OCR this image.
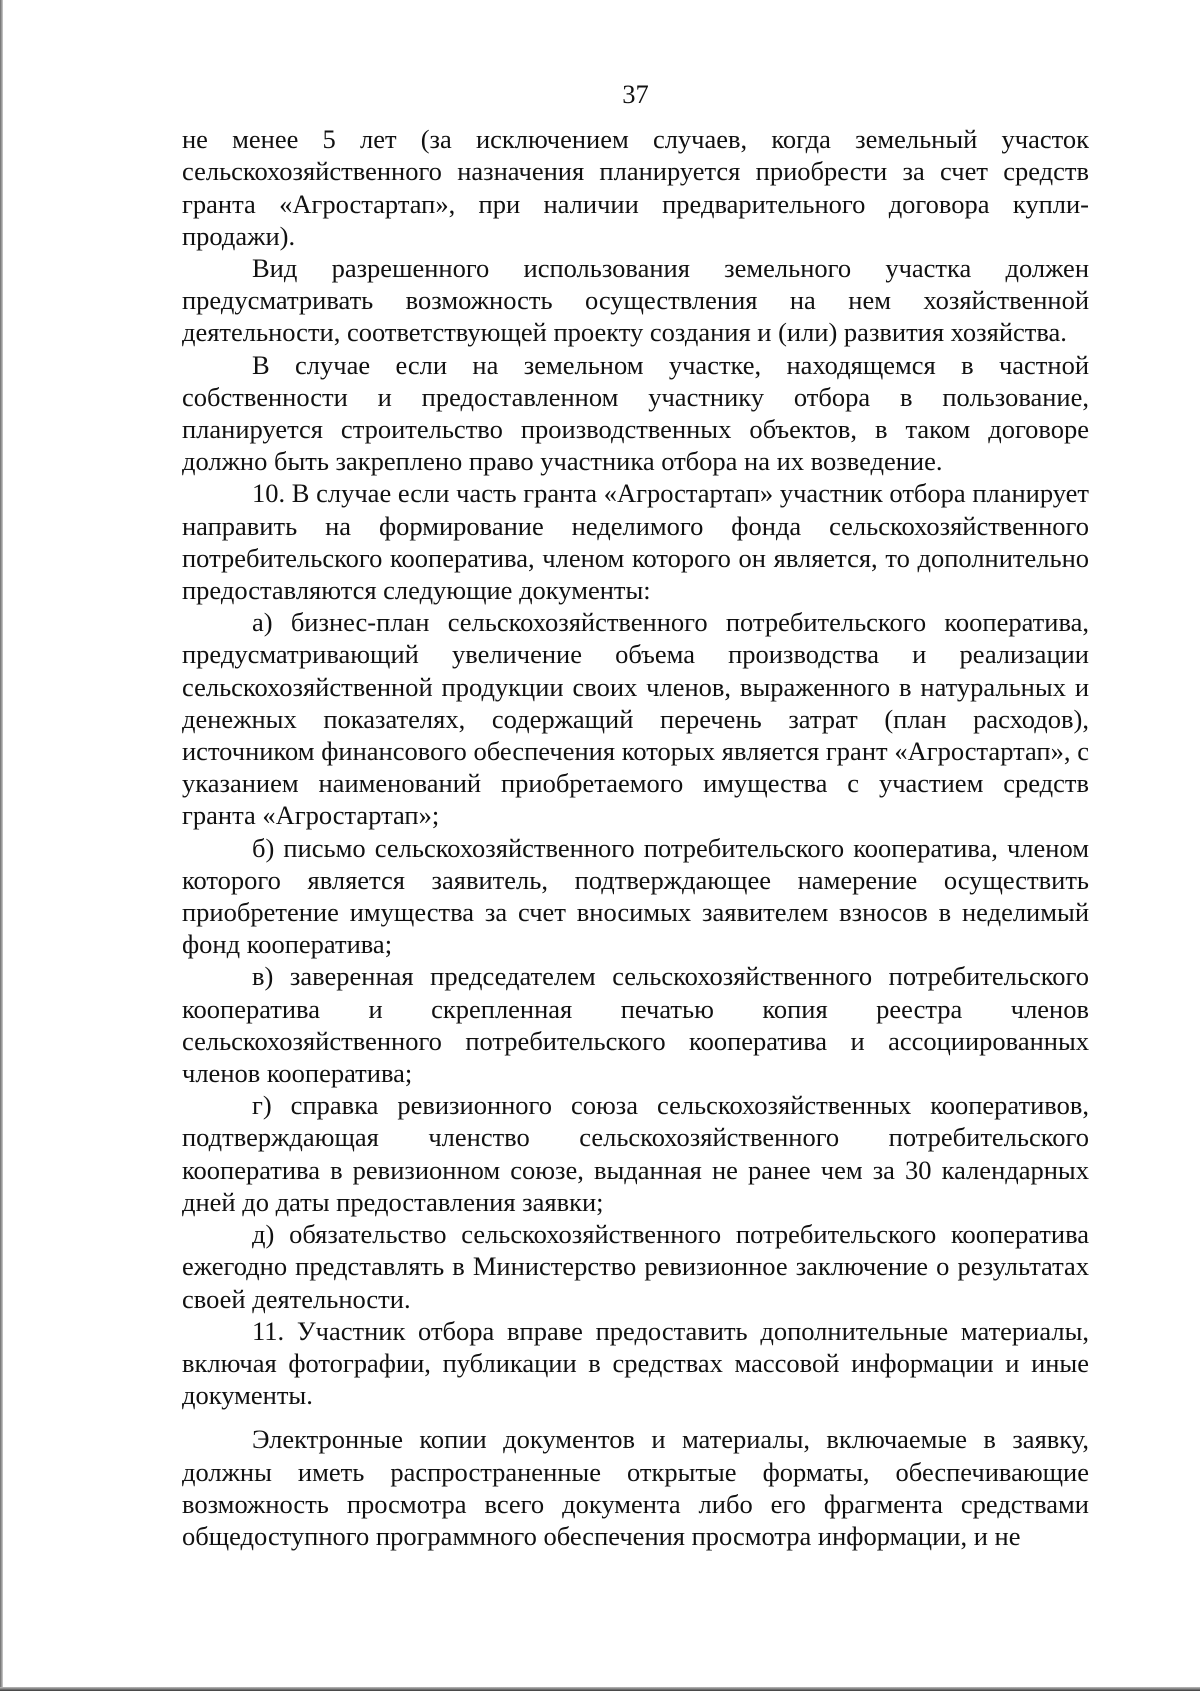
37

не менее 5 лет (за исключением случаев, когда земельный участок сельскохозяйственного назначения планируется приобрести за счет средств гранта «Агростартап», при наличии предварительного договора купли-продажи).

Вид разрешенного использования земельного участка должен предусматривать возможность осуществления на нем хозяйственной деятельности, соответствующей проекту создания и (или) развития хозяйства.

В случае если на земельном участке, находящемся в частной собственности и предоставленном участнику отбора в пользование, планируется строительство производственных объектов, в таком договоре должно быть закреплено право участника отбора на их возведение.

10. В случае если часть гранта «Агростартап» участник отбора планирует направить на формирование неделимого фонда сельскохозяйственного потребительского кооператива, членом которого он является, то дополнительно предоставляются следующие документы:

а) бизнес-план сельскохозяйственного потребительского кооператива, предусматривающий увеличение объема производства и реализации сельскохозяйственной продукции своих членов, выраженного в натуральных и денежных показателях, содержащий перечень затрат (план расходов), источником финансового обеспечения которых является грант «Агростартап», с указанием наименований приобретаемого имущества с участием средств гранта «Агростартап»;

б) письмо сельскохозяйственного потребительского кооператива, членом которого является заявитель, подтверждающее намерение осуществить приобретение имущества за счет вносимых заявителем взносов в неделимый фонд кооператива;

в) заверенная председателем сельскохозяйственного потребительского кооператива и скрепленная печатью копия реестра членов сельскохозяйственного потребительского кооператива и ассоциированных членов кооператива;

г) справка ревизионного союза сельскохозяйственных кооперативов, подтверждающая членство сельскохозяйственного потребительского кооператива в ревизионном союзе, выданная не ранее чем за 30 календарных дней до даты предоставления заявки;

д) обязательство сельскохозяйственного потребительского кооператива ежегодно представлять в Министерство ревизионное заключение о результатах своей деятельности.

11. Участник отбора вправе предоставить дополнительные материалы, включая фотографии, публикации в средствах массовой информации и иные документы.

Электронные копии документов и материалы, включаемые в заявку, должны иметь распространенные открытые форматы, обеспечивающие возможность просмотра всего документа либо его фрагмента средствами общедоступного программного обеспечения просмотра информации, и не
